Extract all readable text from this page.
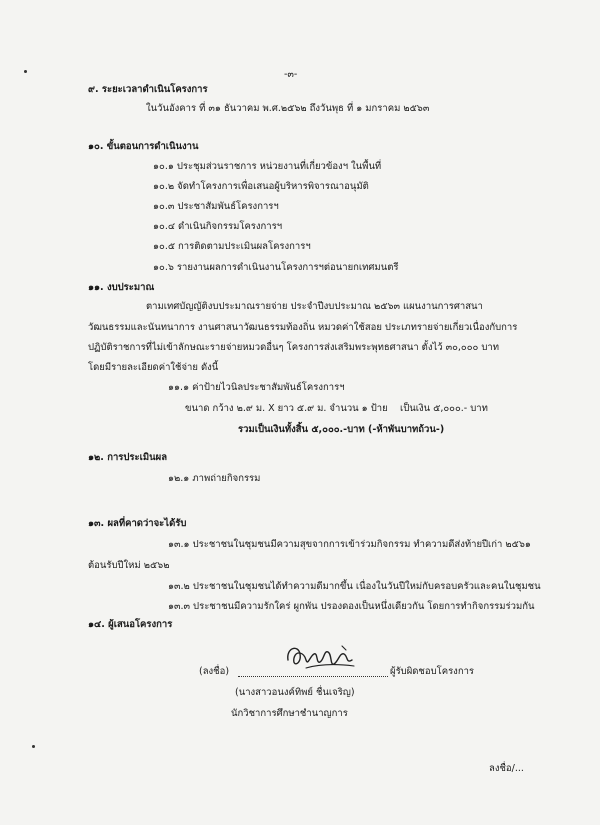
-๓-
๙. ระยะเวลาดำเนินโครงการ
ในวันอังคาร ที่ ๓๑ ธันวาคม พ.ศ.๒๕๖๒ ถึงวันพุธ ที่ ๑ มกราคม ๒๕๖๓
๑๐. ขั้นตอนการดำเนินงาน
๑๐.๑ ประชุมส่วนราชการ หน่วยงานที่เกี่ยวข้องฯ ในพื้นที่
๑๐.๒ จัดทำโครงการเพื่อเสนอผู้บริหารพิจารณาอนุมัติ
๑๐.๓ ประชาสัมพันธ์โครงการฯ
๑๐.๔ ดำเนินกิจกรรมโครงการฯ
๑๐.๕ การติดตามประเมินผลโครงการฯ
๑๐.๖ รายงานผลการดำเนินงานโครงการฯต่อนายกเทศมนตรี
๑๑. งบประมาณ
ตามเทศบัญญัติงบประมาณรายจ่าย ประจำปีงบประมาณ ๒๕๖๓ แผนงานการศาสนา
วัฒนธรรมและนันทนาการ งานศาสนาวัฒนธรรมท้องถิ่น หมวดค่าใช้สอย ประเภทรายจ่ายเกี่ยวเนื่องกับการ
ปฏิบัติราชการที่ไม่เข้าลักษณะรายจ่ายหมวดอื่นๆ โครงการส่งเสริมพระพุทธศาสนา ตั้งไว้ ๓๐,๐๐๐ บาท
โดยมีรายละเอียดค่าใช้จ่าย ดังนี้
๑๑.๑ ค่าป้ายไวนิลประชาสัมพันธ์โครงการฯ
ขนาด กว้าง ๒.๙ ม. X ยาว ๕.๙ ม. จำนวน ๑ ป้าย เป็นเงิน ๕,๐๐๐.- บาท
รวมเป็นเงินทั้งสิ้น ๕,๐๐๐.-บาท (-ห้าพันบาทถ้วน-)
๑๒. การประเมินผล
๑๒.๑ ภาพถ่ายกิจกรรม
๑๓. ผลที่คาดว่าจะได้รับ
๑๓.๑ ประชาชนในชุมชนมีความสุขจากการเข้าร่วมกิจกรรม ทำความดีส่งท้ายปีเก่า ๒๕๖๑
ต้อนรับปีใหม่ ๒๕๖๒
๑๓.๒ ประชาชนในชุมชนได้ทำความดีมากขึ้น เนื่องในวันปีใหม่กับครอบครัวและคนในชุมชน
๑๓.๓ ประชาชนมีความรักใคร่ ผูกพัน ปรองดองเป็นหนึ่งเดียวกัน โดยการทำกิจกรรมร่วมกัน
๑๔. ผู้เสนอโครงการ
(ลงชื่อ)	ผู้รับผิดชอบโครงการ
(นางสาวอนงค์ทิพย์ ชื่นเจริญ)
นักวิชาการศึกษาชำนาญการ
ลงชื่อ/...
